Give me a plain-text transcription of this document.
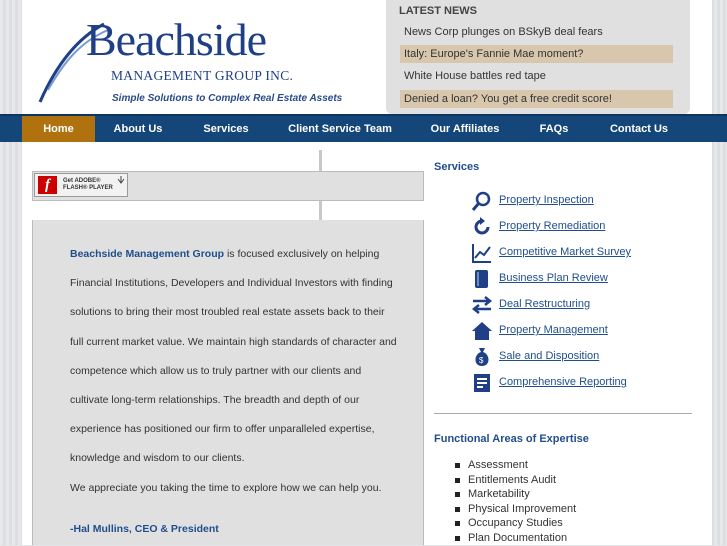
Beachside
MANAGEMENT GROUP INC.
Simple Solutions to Complex Real Estate Assets
LATEST NEWS
News Corp plunges on BSkyB deal fears
Italy: Europe's Fannie Mae moment?
White House battles red tape
Denied a loan? You get a free credit score!
Home	About Us	Services	Client Service Team	Our Affiliates	FAQs	Contact Us
f	Get ADOBE®
FLASH® PLAYER
Beachside Management Group is focused exclusively on helping Financial Institutions, Developers and Individual Investors with finding solutions to bring their most troubled real estate assets back to their full current market value. We maintain high standards of character and competence which allow us to truly partner with our clients and cultivate long-term relationships. The breadth and depth of our experience has positioned our firm to offer unparalleled expertise, knowledge and wisdom to our clients.
We appreciate you taking the time to explore how we can help you.
-Hal Mullins, CEO & President
Services
Property Inspection
Property Remediation
Competitive Market Survey
Business Plan Review
Deal Restructuring
Property Management
$ Sale and Disposition
Comprehensive Reporting
Functional Areas of Expertise
Assessment
Entitlements Audit
Marketability
Physical Improvement
Occupancy Studies
Plan Documentation
